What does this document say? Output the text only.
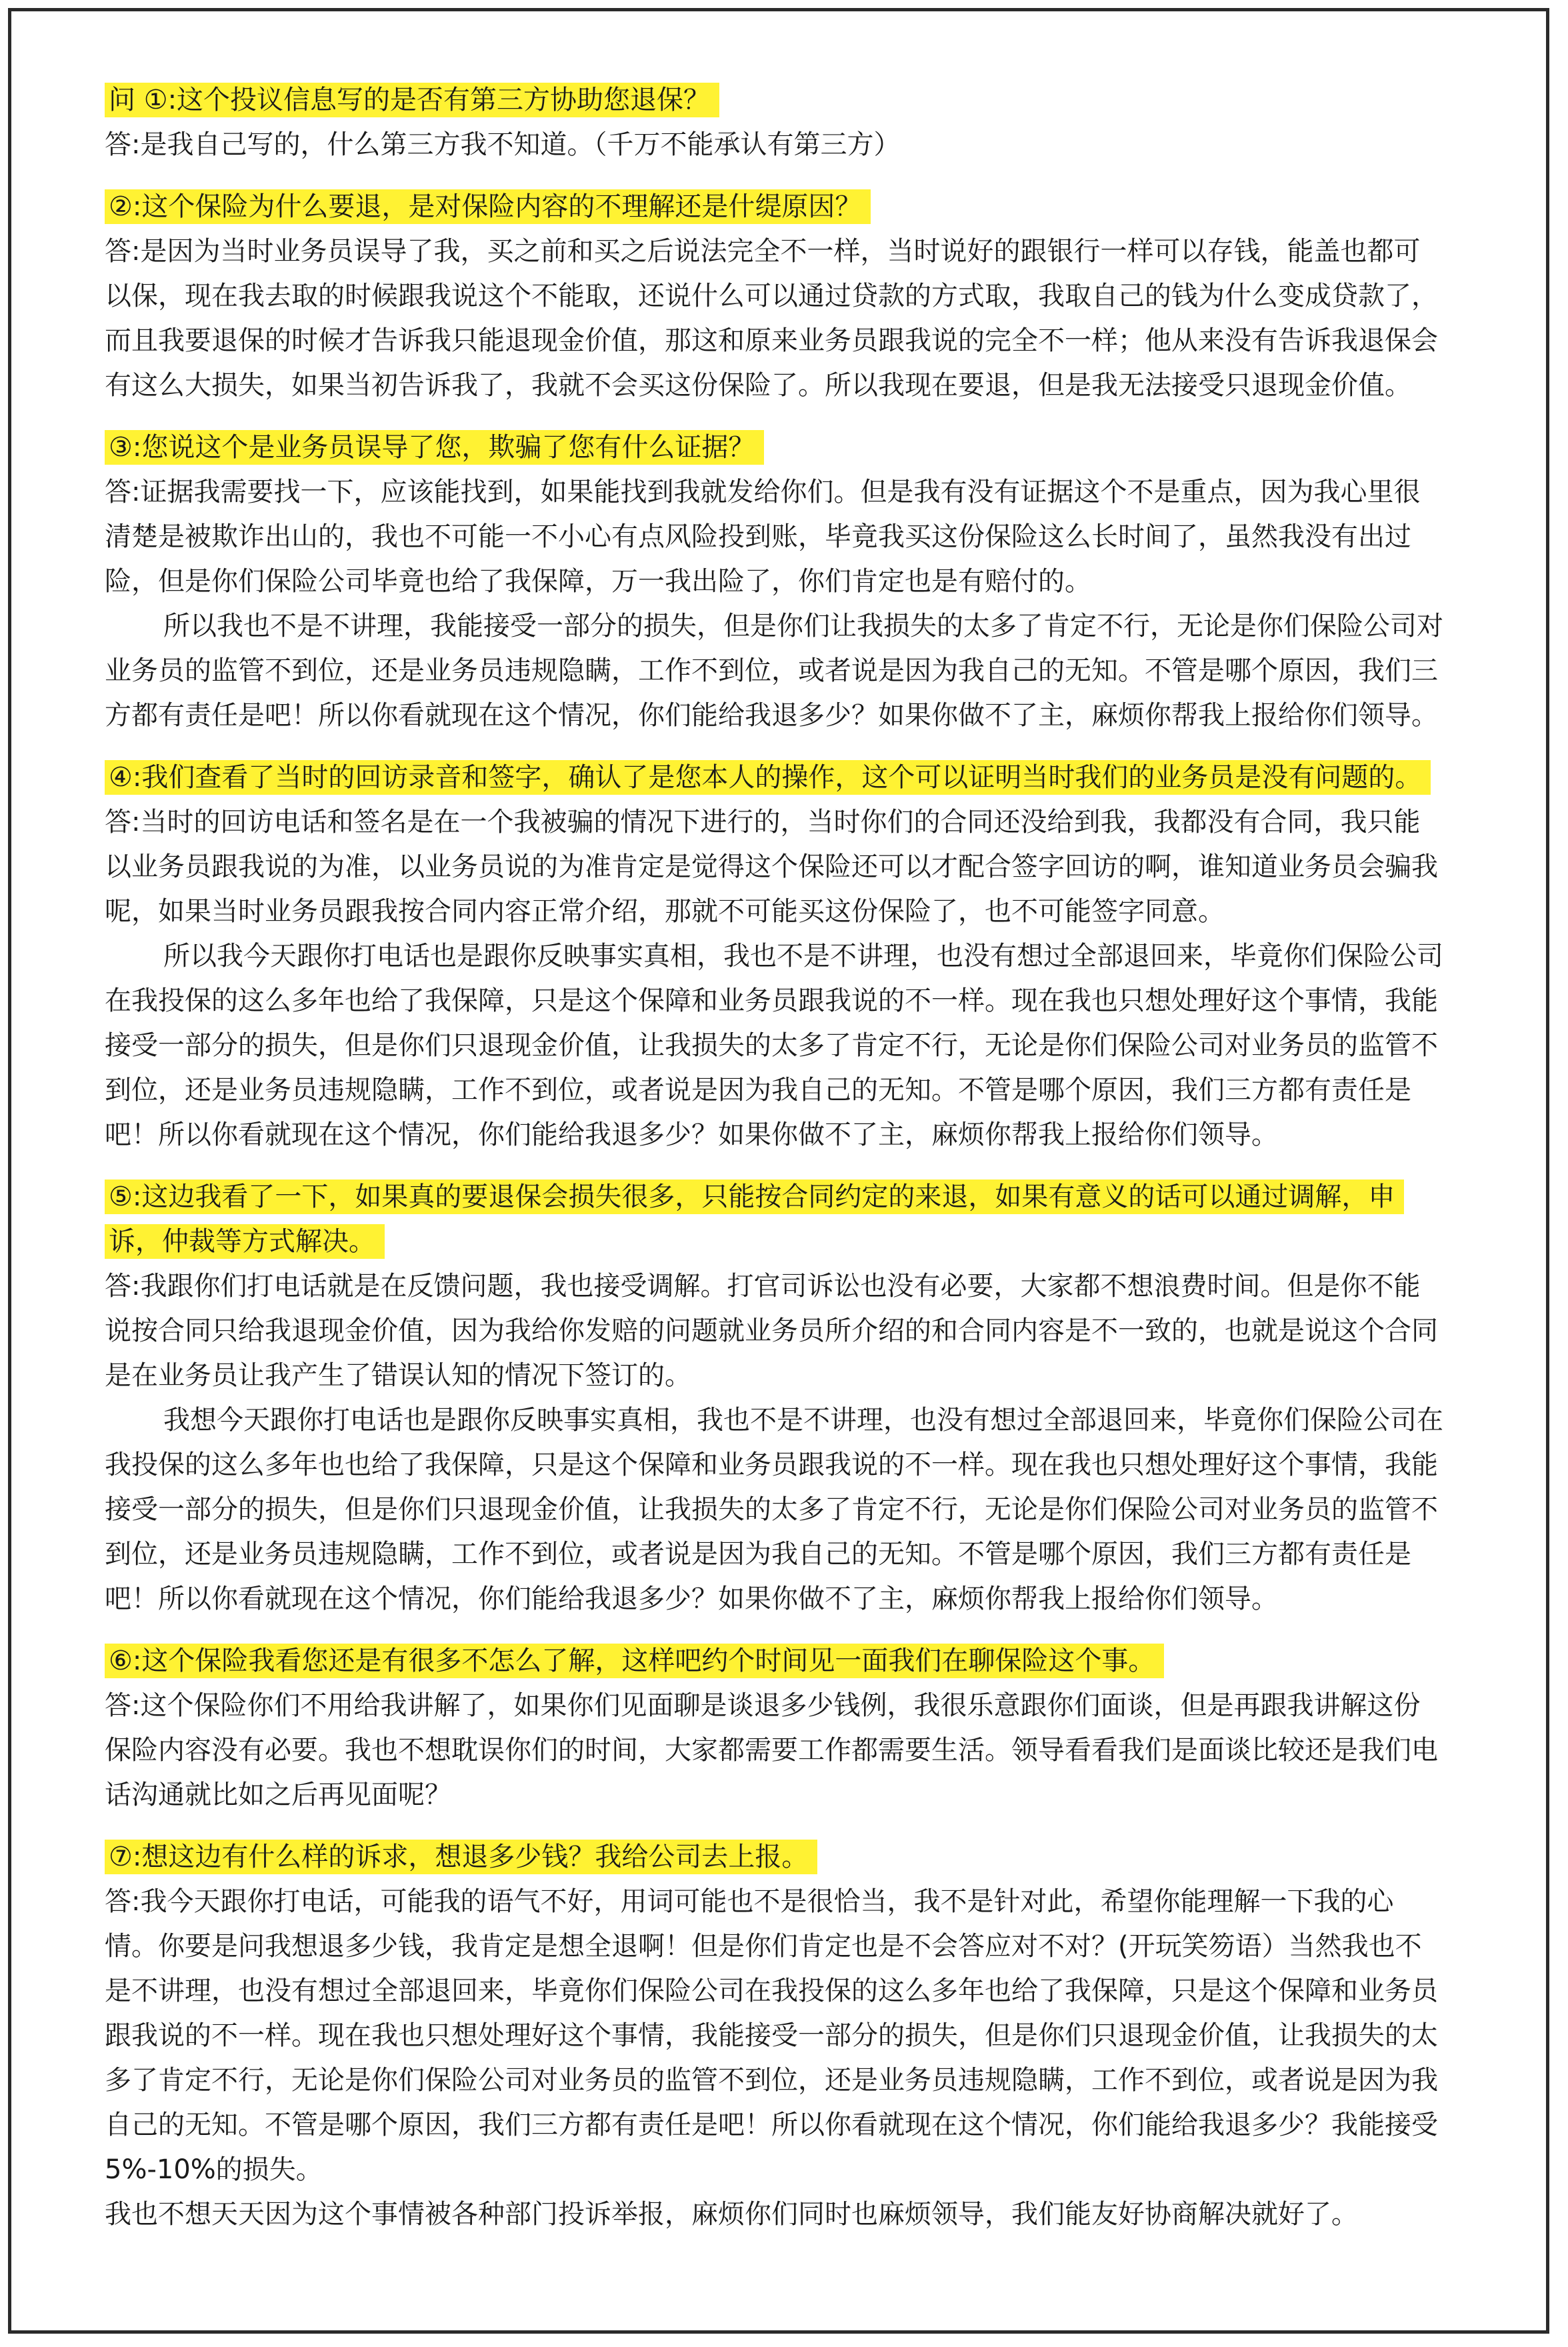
问 ①:这个投议信息写的是否有第三方协助您退保？

答:是我自己写的，什么第三方我不知道。（千万不能承认有第三方）

②:这个保险为什么要退，是对保险内容的不理解还是什缇原因？

答:是因为当时业务员误导了我，买之前和买之后说法完全不一样，当时说好的跟银行一样可以存钱，能盖也都可以保，现在我去取的时候跟我说这个不能取，还说什么可以通过贷款的方式取，我取自己的钱为什么变成贷款了，而且我要退保的时候才告诉我只能退现金价值，那这和原来业务员跟我说的完全不一样；他从来没有告诉我退保会有这么大损失，如果当初告诉我了，我就不会买这份保险了。所以我现在要退，但是我无法接受只退现金价值。

③:您说这个是业务员误导了您，欺骗了您有什么证据？

答:证据我需要找一下，应该能找到，如果能找到我就发给你们。但是我有没有证据这个不是重点，因为我心里很清楚是被欺诈出山的，我也不可能一不小心有点风险投到账，毕竟我买这份保险这么长时间了，虽然我没有出过险，但是你们保险公司毕竟也给了我保障，万一我出险了，你们肯定也是有赔付的。

所以我也不是不讲理，我能接受一部分的损失，但是你们让我损失的太多了肯定不行，无论是你们保险公司对业务员的监管不到位，还是业务员违规隐瞒，工作不到位，或者说是因为我自己的无知。不管是哪个原因，我们三方都有责任是吧！所以你看就现在这个情况，你们能给我退多少？如果你做不了主，麻烦你帮我上报给你们领导。

④:我们查看了当时的回访录音和签字，确认了是您本人的操作，这个可以证明当时我们的业务员是没有问题的。

答:当时的回访电话和签名是在一个我被骗的情况下进行的，当时你们的合同还没给到我，我都没有合同，我只能以业务员跟我说的为准，以业务员说的为准肯定是觉得这个保险还可以才配合签字回访的啊，谁知道业务员会骗我呢，如果当时业务员跟我按合同内容正常介绍，那就不可能买这份保险了，也不可能签字同意。

所以我今天跟你打电话也是跟你反映事实真相，我也不是不讲理，也没有想过全部退回来，毕竟你们保险公司在我投保的这么多年也给了我保障，只是这个保障和业务员跟我说的不一样。现在我也只想处理好这个事情，我能接受一部分的损失，但是你们只退现金价值，让我损失的太多了肯定不行，无论是你们保险公司对业务员的监管不到位，还是业务员违规隐瞒，工作不到位，或者说是因为我自己的无知。不管是哪个原因，我们三方都有责任是吧！所以你看就现在这个情况，你们能给我退多少？如果你做不了主，麻烦你帮我上报给你们领导。

⑤:这边我看了一下，如果真的要退保会损失很多，只能按合同约定的来退，如果有意义的话可以通过调解，申诉，仲裁等方式解决。

答:我跟你们打电话就是在反馈问题，我也接受调解。打官司诉讼也没有必要，大家都不想浪费时间。但是你不能说按合同只给我退现金价值，因为我给你发赔的问题就业务员所介绍的和合同内容是不一致的，也就是说这个合同是在业务员让我产生了错误认知的情况下签订的。

我想今天跟你打电话也是跟你反映事实真相，我也不是不讲理，也没有想过全部退回来，毕竟你们保险公司在我投保的这么多年也也给了我保障，只是这个保障和业务员跟我说的不一样。现在我也只想处理好这个事情，我能接受一部分的损失，但是你们只退现金价值，让我损失的太多了肯定不行，无论是你们保险公司对业务员的监管不到位，还是业务员违规隐瞒，工作不到位，或者说是因为我自己的无知。不管是哪个原因，我们三方都有责任是吧！所以你看就现在这个情况，你们能给我退多少？如果你做不了主，麻烦你帮我上报给你们领导。

⑥:这个保险我看您还是有很多不怎么了解，这样吧约个时间见一面我们在聊保险这个事。

答:这个保险你们不用给我讲解了，如果你们见面聊是谈退多少钱例，我很乐意跟你们面谈，但是再跟我讲解这份保险内容没有必要。我也不想耽误你们的时间，大家都需要工作都需要生活。领导看看我们是面谈比较还是我们电话沟通就比如之后再见面呢？

⑦:想这边有什么样的诉求，想退多少钱？我给公司去上报。

答:我今天跟你打电话，可能我的语气不好，用词可能也不是很恰当，我不是针对此，希望你能理解一下我的心情。你要是问我想退多少钱，我肯定是想全退啊！但是你们肯定也是不会答应对不对？(开玩笑笏语）当然我也不是不讲理，也没有想过全部退回来，毕竟你们保险公司在我投保的这么多年也给了我保障，只是这个保障和业务员跟我说的不一样。现在我也只想处理好这个事情，我能接受一部分的损失，但是你们只退现金价值，让我损失的太多了肯定不行，无论是你们保险公司对业务员的监管不到位，还是业务员违规隐瞒，工作不到位，或者说是因为我自己的无知。不管是哪个原因，我们三方都有责任是吧！所以你看就现在这个情况，你们能给我退多少？我能接受 5%-10%的损失。

我也不想天天因为这个事情被各种部门投诉举报，麻烦你们同时也麻烦领导，我们能友好协商解决就好了。
